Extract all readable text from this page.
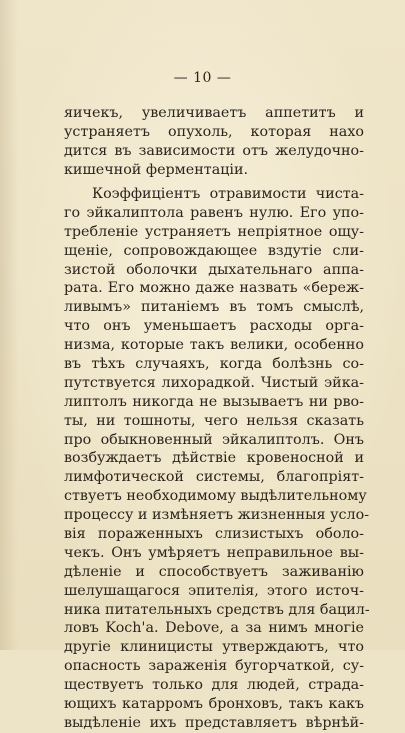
— 10 —
яичекъ, увеличиваетъ аппетитъ и
устраняетъ опухоль, которая нахо
дится въ зависимости отъ желудочно-
кишечной ферментаціи.
Коэффиціентъ отравимости чиста-
го эйкалиптола равенъ нулю. Его упо-
требленіе устраняетъ непріятное ощу-
щеніе, сопровождающее вздутіе сли-
зистой оболочки дыхательнаго аппа-
рата. Его можно даже назвать «береж-
ливымъ» питаніемъ въ томъ смыслѣ,
что онъ уменьшаетъ расходы орга-
низма, которые такъ велики, особенно
въ тѣхъ случаяхъ, когда болѣзнь со-
путствуется лихорадкой. Чистый эйка-
липтолъ никогда не вызываетъ ни рво-
ты, ни тошноты, чего нельзя сказать
про обыкновенный эйкалиптолъ. Онъ
возбуждаетъ дѣйствіе кровеносной и
лимфотической системы, благопріят-
ствуетъ необходимому выдѣлительному
процессу и измѣняетъ жизненныя усло-
вія пораженныхъ слизистыхъ оболо-
чекъ. Онъ умѣряетъ неправильное вы-
дѣленіе и способствуетъ заживанію
шелушащагося эпителія, этого источ-
ника питательныхъ средствъ для бацил-
ловъ Koch'a. Debove, а за нимъ многіе
другіе клиницисты утверждаютъ, что
опасность зараженія бугорчаткой, су-
ществуетъ только для людей, страда-
ющихъ катарромъ бронховъ, такъ какъ
выдѣленіе ихъ представляетъ вѣрнѣй-
